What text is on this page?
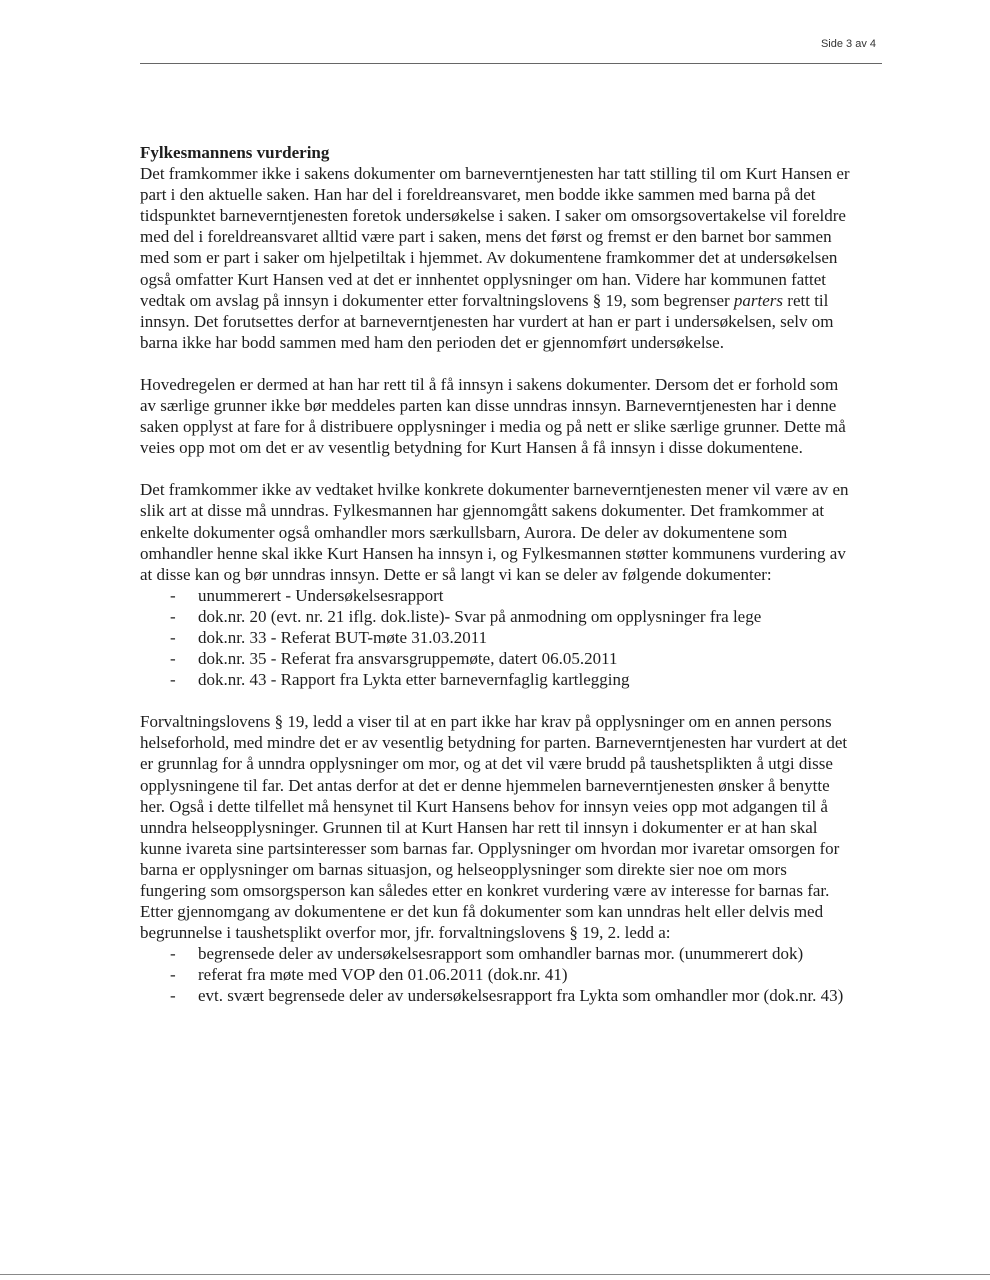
Side 3 av 4

Fylkesmannens vurdering

Det framkommer ikke i sakens dokumenter om barneverntjenesten har tatt stilling til om Kurt Hansen er part i den aktuelle saken. Han har del i foreldreansvaret, men bodde ikke sammen med barna på det tidspunktet barneverntjenesten foretok undersøkelse i saken. I saker om omsorgsovertakelse vil foreldre med del i foreldreansvaret alltid være part i saken, mens det først og fremst er den barnet bor sammen med som er part i saker om hjelpetiltak i hjemmet. Av dokumentene framkommer det at undersøkelsen også omfatter Kurt Hansen ved at det er innhentet opplysninger om han. Videre har kommunen fattet vedtak om avslag på innsyn i dokumenter etter forvaltningslovens § 19, som begrenser parters rett til innsyn. Det forutsettes derfor at barneverntjenesten har vurdert at han er part i undersøkelsen, selv om barna ikke har bodd sammen med ham den perioden det er gjennomført undersøkelse.

Hovedregelen er dermed at han har rett til å få innsyn i sakens dokumenter. Dersom det er forhold som av særlige grunner ikke bør meddeles parten kan disse unndras innsyn. Barneverntjenesten har i denne saken opplyst at fare for å distribuere opplysninger i media og på nett er slike særlige grunner. Dette må veies opp mot om det er av vesentlig betydning for Kurt Hansen å få innsyn i disse dokumentene.

Det framkommer ikke av vedtaket hvilke konkrete dokumenter barneverntjenesten mener vil være av en slik art at disse må unndras. Fylkesmannen har gjennomgått sakens dokumenter. Det framkommer at enkelte dokumenter også omhandler mors særkullsbarn, Aurora. De deler av dokumentene som omhandler henne skal ikke Kurt Hansen ha innsyn i, og Fylkesmannen støtter kommunens vurdering av at disse kan og bør unndras innsyn. Dette er så langt vi kan se deler av følgende dokumenter:

- unummerert - Undersøkelsesrapport
- dok.nr. 20 (evt. nr. 21 iflg. dok.liste)- Svar på anmodning om opplysninger fra lege
- dok.nr. 33 - Referat BUT-møte 31.03.2011
- dok.nr. 35 - Referat fra ansvarsgruppemøte, datert 06.05.2011
- dok.nr. 43 - Rapport fra Lykta etter barnevernfaglig kartlegging

Forvaltningslovens § 19, ledd a viser til at en part ikke har krav på opplysninger om en annen persons helseforhold, med mindre det er av vesentlig betydning for parten. Barneverntjenesten har vurdert at det er grunnlag for å unndra opplysninger om mor, og at det vil være brudd på taushetsplikten å utgi disse opplysningene til far. Det antas derfor at det er denne hjemmelen barneverntjenesten ønsker å benytte her. Også i dette tilfellet må hensynet til Kurt Hansens behov for innsyn veies opp mot adgangen til å unndra helseopplysninger. Grunnen til at Kurt Hansen har rett til innsyn i dokumenter er at han skal kunne ivareta sine partsinteresser som barnas far. Opplysninger om hvordan mor ivaretar omsorgen for barna er opplysninger om barnas situasjon, og helseopplysninger som direkte sier noe om mors fungering som omsorgsperson kan således etter en konkret vurdering være av interesse for barnas far. Etter gjennomgang av dokumentene er det kun få dokumenter som kan unndras helt eller delvis med begrunnelse i taushetsplikt overfor mor, jfr. forvaltningslovens § 19, 2. ledd a:

- begrensede deler av undersøkelsesrapport som omhandler barnas mor. (unummerert dok)
- referat fra møte med VOP den 01.06.2011 (dok.nr. 41)
- evt. svært begrensede deler av undersøkelsesrapport fra Lykta som omhandler mor (dok.nr. 43)
